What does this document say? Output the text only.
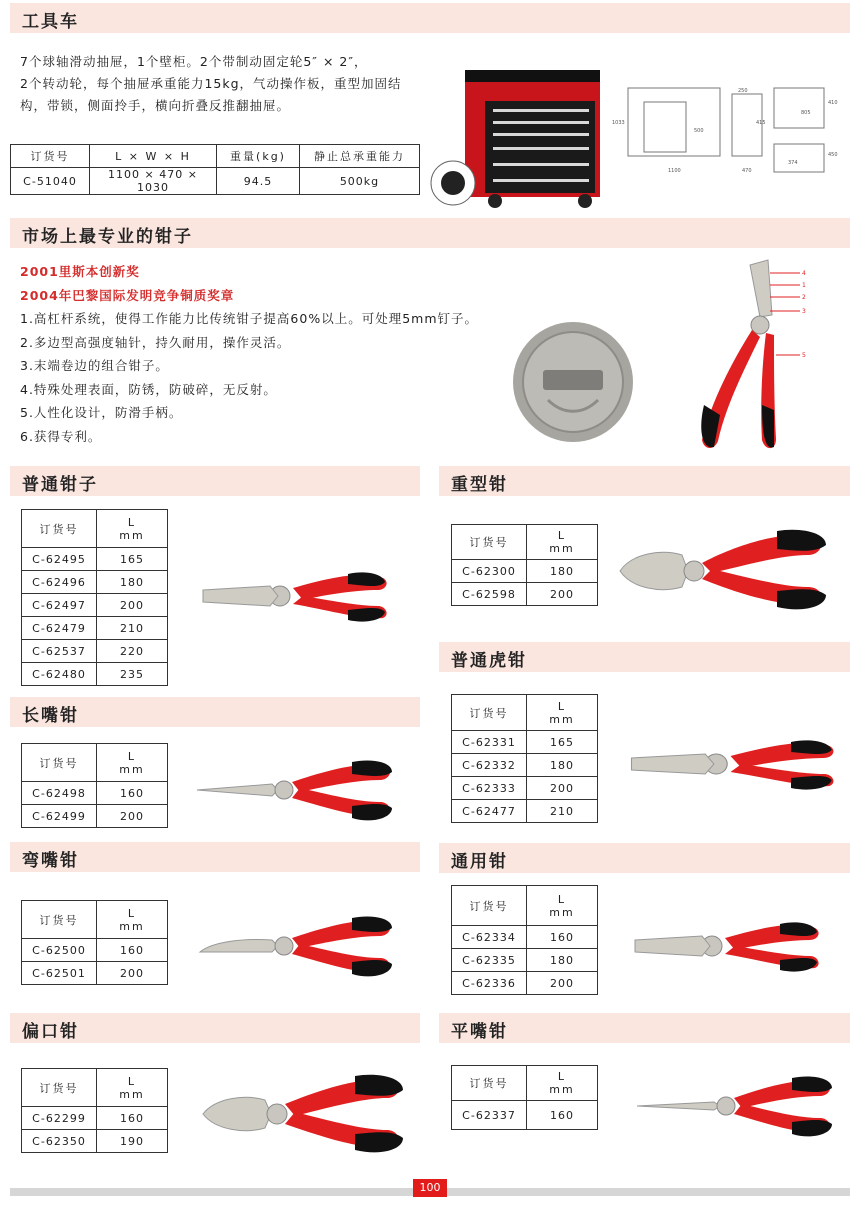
工具车
7个球轴滑动抽屉，1个壁柜。2个带制动固定轮5″ × 2″，
2个转动轮，每个抽屉承重能力15kg，气动操作板，重型加固结
构，带锁，侧面拎手，横向折叠反推翻抽屉。
订货号	L × W × H	重量(kg)	静止总承重能力
C-51040	1100 × 470 × 1030	94.5	500kg
1100	470
1033
250
415
805
410
450
374
500
市场上最专业的钳子
2001里斯本创新奖
2004年巴黎国际发明竞争铜质奖章
1.高杠杆系统，使得工作能力比传统钳子提高60%以上。可处理5mm钉子。
2.多边型高强度轴针，持久耐用，操作灵活。
3.末端卷边的组合钳子。
4.特殊处理表面，防锈，防破碎，无反射。
5.人性化设计，防滑手柄。
6.获得专利。
4
1
2
3
5
普通钳子
订货号	L
mm

C-62495	165
C-62496	180
C-62497	200
C-62479	210
C-62537	220
C-62480	235
长嘴钳
订货号	L
mm

C-62498	160
C-62499	200
弯嘴钳
订货号	L
mm

C-62500	160
C-62501	200
偏口钳
订货号	L
mm

C-62299	160
C-62350	190
重型钳
订货号	L
mm

C-62300	180
C-62598	200
普通虎钳
订货号	L
mm

C-62331	165
C-62332	180
C-62333	200
C-62477	210
通用钳
订货号	L
mm

C-62334	160
C-62335	180
C-62336	200
平嘴钳
订货号	L
mm

C-62337	160
100
